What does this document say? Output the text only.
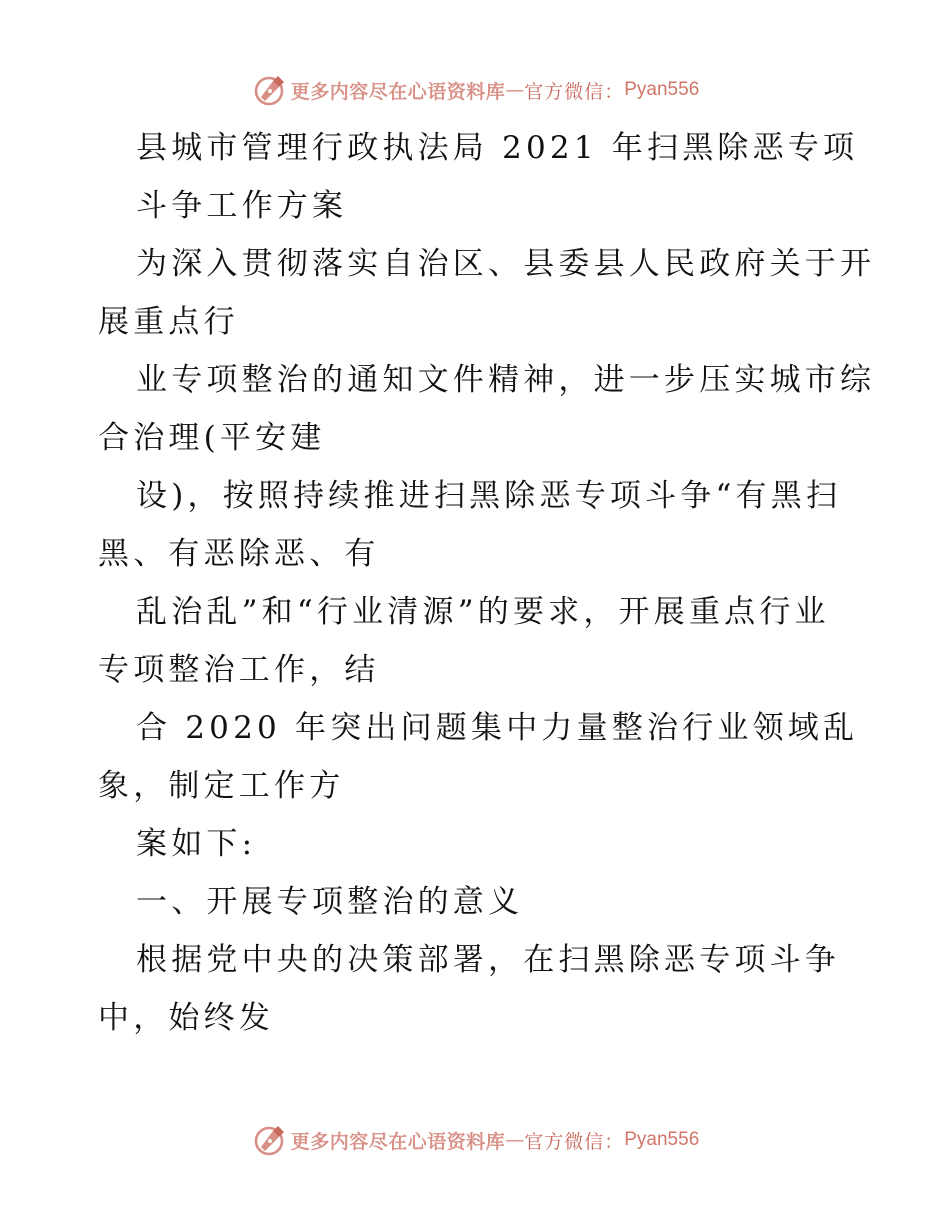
更多内容尽在心语资料库 — 官方微信： Pyan556
县城市管理行政执法局 2021 年扫黑除恶专项
斗争工作方案
为深入贯彻落实自治区、县委县人民政府关于开
展重点行
业专项整治的通知文件精神，进一步压实城市综
合治理(平安建
设)，按照持续推进扫黑除恶专项斗争“有黑扫
黑、有恶除恶、有
乱治乱”和“行业清源”的要求，开展重点行业
专项整治工作，结
合 2020 年突出问题集中力量整治行业领域乱
象，制定工作方
案如下:
一、开展专项整治的意义
根据党中央的决策部署，在扫黑除恶专项斗争
中，始终发
更多内容尽在心语资料库 — 官方微信： Pyan556
